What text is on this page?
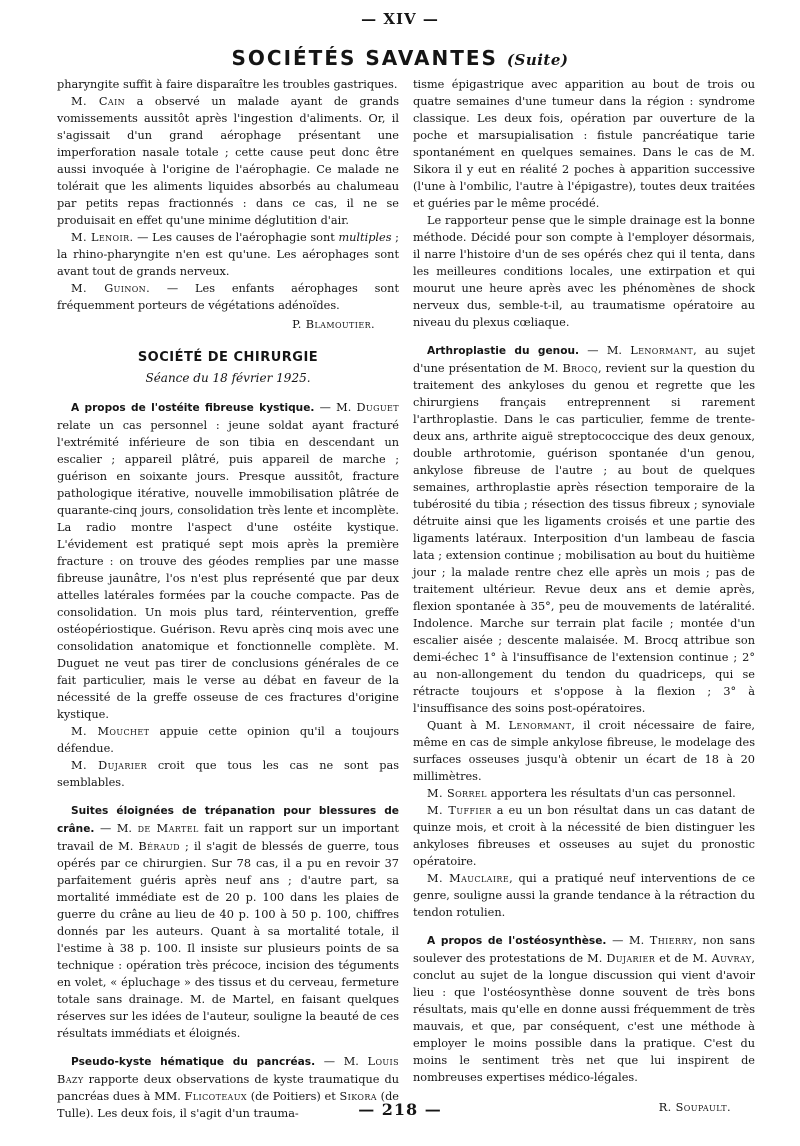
— XIV —
SOCIÉTÉS SAVANTES (Suite)

pharyngite suffit à faire disparaître les troubles gastriques.

M. Cain a observé un malade ayant de grands vomissements aussitôt après l'ingestion d'aliments. Or, il s'agissait d'un grand aérophage présentant une imperforation nasale totale ; cette cause peut donc être aussi invoquée à l'origine de l'aérophagie. Ce malade ne tolérait que les aliments liquides absorbés au chalumeau par petits repas fractionnés : dans ce cas, il ne se produisait en effet qu'une minime déglutition d'air.

M. Lenoir. — Les causes de l'aérophagie sont multiples ; la rhino-pharyngite n'en est qu'une. Les aérophages sont avant tout de grands nerveux.

M. Guinon. — Les enfants aérophages sont fréquemment porteurs de végétations adénoïdes.

P. Blamoutier.

SOCIÉTÉ DE CHIRURGIE
Séance du 18 février 1925.

A propos de l'ostéite fibreuse kystique. — M. Duguet relate un cas personnel : jeune soldat ayant fracturé l'extrémité inférieure de son tibia en descendant un escalier ; appareil plâtré, puis appareil de marche ; guérison en soixante jours. Presque aussitôt, fracture pathologique itérative, nouvelle immobilisation plâtrée de quarante-cinq jours, consolidation très lente et incomplète. La radio montre l'aspect d'une ostéite kystique. L'évidement est pratiqué sept mois après la première fracture : on trouve des géodes remplies par une masse fibreuse jaunâtre, l'os n'est plus représenté que par deux attelles latérales formées par la couche compacte. Pas de consolidation. Un mois plus tard, réintervention, greffe ostéopériostique. Guérison. Revu après cinq mois avec une consolidation anatomique et fonctionnelle complète. M. Duguet ne veut pas tirer de conclusions générales de ce fait particulier, mais le verse au débat en faveur de la nécessité de la greffe osseuse de ces fractures d'origine kystique.

M. Mouchet appuie cette opinion qu'il a toujours défendue.

M. Dujarier croit que tous les cas ne sont pas semblables.

Suites éloignées de trépanation pour blessures de crâne. — M. de Martel fait un rapport sur un important travail de M. Béraud ; il s'agit de blessés de guerre, tous opérés par ce chirurgien. Sur 78 cas, il a pu en revoir 37 parfaitement guéris après neuf ans ; d'autre part, sa mortalité immédiate est de 20 p. 100 dans les plaies de guerre du crâne au lieu de 40 p. 100 à 50 p. 100, chiffres donnés par les auteurs. Quant à sa mortalité totale, il l'estime à 38 p. 100. Il insiste sur plusieurs points de sa technique : opération très précoce, incision des téguments en volet, « épluchage » des tissus et du cerveau, fermeture totale sans drainage. M. de Martel, en faisant quelques réserves sur les idées de l'auteur, souligne la beauté de ces résultats immédiats et éloignés.

Pseudo-kyste hématique du pancréas. — M. Louis Bazy rapporte deux observations de kyste traumatique du pancréas dues à MM. Flicoteaux (de Poitiers) et Sikora (de Tulle). Les deux fois, il s'agit d'un trauma-

tisme épigastrique avec apparition au bout de trois ou quatre semaines d'une tumeur dans la région : syndrome classique. Les deux fois, opération par ouverture de la poche et marsupialisation : fistule pancréatique tarie spontanément en quelques semaines. Dans le cas de M. Sikora il y eut en réalité 2 poches à apparition successive (l'une à l'ombilic, l'autre à l'épigastre), toutes deux traitées et guéries par le même procédé.

Le rapporteur pense que le simple drainage est la bonne méthode. Décidé pour son compte à l'employer désormais, il narre l'histoire d'un de ses opérés chez qui il tenta, dans les meilleures conditions locales, une extirpation et qui mourut une heure après avec les phénomènes de shock nerveux dus, semble-t-il, au traumatisme opératoire au niveau du plexus cœliaque.

Arthroplastie du genou. — M. Lenormant, au sujet d'une présentation de M. Brocq, revient sur la question du traitement des ankyloses du genou et regrette que les chirurgiens français entreprennent si rarement l'arthroplastie. Dans le cas particulier, femme de trente-deux ans, arthrite aiguë streptococcique des deux genoux, double arthrotomie, guérison spontanée d'un genou, ankylose fibreuse de l'autre ; au bout de quelques semaines, arthroplastie après résection temporaire de la tubérosité du tibia ; résection des tissus fibreux ; synoviale détruite ainsi que les ligaments croisés et une partie des ligaments latéraux. Interposition d'un lambeau de fascia lata ; extension continue ; mobilisation au bout du huitième jour ; la malade rentre chez elle après un mois ; pas de traitement ultérieur. Revue deux ans et demie après, flexion spontanée à 35°, peu de mouvements de latéralité. Indolence. Marche sur terrain plat facile ; montée d'un escalier aisée ; descente malaisée. M. Brocq attribue son demi-échec 1° à l'insuffisance de l'extension continue ; 2° au non-allongement du tendon du quadriceps, qui se rétracte toujours et s'oppose à la flexion ; 3° à l'insuffisance des soins post-opératoires.

Quant à M. Lenormant, il croit nécessaire de faire, même en cas de simple ankylose fibreuse, le modelage des surfaces osseuses jusqu'à obtenir un écart de 18 à 20 millimètres.

M. Sorrel apportera les résultats d'un cas personnel.

M. Tuffier a eu un bon résultat dans un cas datant de quinze mois, et croit à la nécessité de bien distinguer les ankyloses fibreuses et osseuses au sujet du pronostic opératoire.

M. Mauclaire, qui a pratiqué neuf interventions de ce genre, souligne aussi la grande tendance à la rétraction du tendon rotulien.

A propos de l'ostéosynthèse. — M. Thierry, non sans soulever des protestations de M. Dujarier et de M. Auvray, conclut au sujet de la longue discussion qui vient d'avoir lieu : que l'ostéosynthèse donne souvent de très bons résultats, mais qu'elle en donne aussi fréquemment de très mauvais, et que, par conséquent, c'est une méthode à employer le moins possible dans la pratique. C'est du moins le sentiment très net que lui inspirent de nombreuses expertises médico-légales.

R. Soupault.

— 218 —
